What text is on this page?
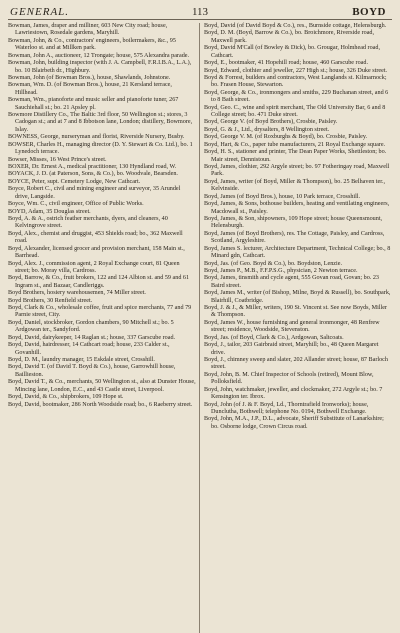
GENERAL.	113	BOYD
Bowman, James, draper and milliner, 603 New City road; house, Lawriestown, Rosedale gardens, Maryhill.
Bowman, John, & Co., contractors' engineers, boilermakers, &c., 95 Waterloo st. and at Millken park.
Bowman, John A., auctioneer, 12 Trongate; house, 575 Alexandra parade.
Bowman, John, building inspector (with J. A. Campbell, F.R.I.B.A., L.A.), bo. 10 Blairbeth dr., Highbury.
Bowman, John (of Bowman Bros.), house, Shawlands, Johnstone.
Bowman, Wm. D. (of Bowman Bros.), house, 21 Kersland terrace, Hillhead.
Bowman, Wm., pianoforte and music seller and pianoforte tuner, 267 Sauchiehall st.; bo. 21 Apsley pl.
Bowmore Distillery Co., The Baltic 3rd floor, 50 Wellington st.; stores, 3 Cadogan st.; and at 7 and 8 Ibbotson lane, London; distillery, Bowmore, Islay.
BOWNESS, George, nurseryman and florist, Riverside Nursery, Busby.
BOWSER, Charles H., managing director (D. Y. Stewart & Co. Ltd.), bo. 1 Lynedoch terrace.
Bowser, Misses, 16 West Prince's street.
BOXER, Dr. Ernest A., medical practitioner, 130 Hyndland road, W.
BOYACK, J. D. (at Paterson, Sons, & Co.), bo. Woodvale, Bearsden.
BOYCE, Peter, supt. Cemetery Lodge, New Cathcart.
Boyce, Robert C., civil and mining engineer and surveyor, 35 Arundel drive, Langside.
Boyce, Wm. C., civil engineer, Office of Public Works.
BOYD, Adam, 35 Douglas street.
Boyd, A. & A., ostrich feather merchants, dyers, and cleaners, 40 Kelvingrove street.
Boyd, Alex., chemist and druggist, 453 Shields road; bo., 362 Maxwell road.
Boyd, Alexander, licensed grocer and provision merchant, 158 Main st., Barrhead.
Boyd, Alex. J., commission agent, 2 Royal Exchange court, 81 Queen street; bo. Moray villa, Cardross.
Boyd, Barrow, & Co., fruit brokers, 122 and 124 Albion st. and 59 and 61 Ingram st., and Bazaar, Candleriggs.
Boyd Brothers, hosiery warehousemen, 74 Miller street.
Boyd Brothers, 30 Renfield street.
Boyd, Clark & Co., wholesale coffee, fruit and spice merchants, 77 and 79 Parnie street, City.
Boyd, Daniel, stockbroker, Gordon chambers, 90 Mitchell st.; bo. 5 Ardgowan ter., Sandyford.
Boyd, David, dairykeeper, 14 Raglan st.; house, 337 Garscube road.
Boyd, David, hairdresser, 14 Cathcart road; house, 233 Calder st., Govanhill.
Boyd, D. M., laundry manager, 15 Eskdale street, Crosshill.
Boyd, David T. (of David T. Boyd & Co.), house, Garrowhill house, Baillieston.
Boyd, David T., & Co., merchants, 50 Wellington st., also at Dunster House, Mincing lane, London, E.C., and 43 Castle street, Liverpool.
Boyd, David, & Co., shipbrokers, 109 Hope st.
Boyd, David, bootmaker, 286 North Woodside road; bo., 6 Raeberry street.
Boyd, David (of David Boyd & Co.), res., Burnside cottage, Helensburgh.
Boyd, D. M. (Boyd, Barrow & Co.), bo. Broichmore, Riverside road, Maxwell park.
Boyd, David M'Call (of Bowley & Dick), bo. Grougar, Holmhead road, Cathcart.
Boyd, E., bootmaker, 41 Hopehill road; house, 460 Garscube road.
Boyd, Edward, clothier and jeweller, 227 High st.; house, 326 Duke street.
Boyd & Forrest, builders and contractors, West Langlands st. Kilmarnock; bo. Frasen House, Stewarton.
Boyd, George, & Co., ironmongers and smiths, 229 Buchanan street, and 6 to 8 Bath street.
Boyd, Geo. C., wine and spirit merchant, The Old University Bar, 6 and 8 College street; bo. 471 Duke street.
Boyd, George V. (of Boyd Brothers), Crosbie, Paisley.
Boyd, G. & J., Ltd., drysalters, 8 Wellington street.
Boyd, George V. M. (of Roxburghs & Boyd), bo. Crosbie, Paisley.
Boyd, Hart, & Co., paper tube manufacturers, 21 Royal Exchange square.
Boyd, H. S., stationer and printer, The Dean Paper Works, Shettleston; bo. Mair street, Dennistoun.
Boyd, James, clothier, 292 Argyle street; bo. 97 Fotheringay road, Maxwell Park.
Boyd, James, writer (of Boyd, Miller & Thompson), bo. 25 Belhaven ter., Kelvinside.
Boyd, James (of Boyd Bros.), house, 10 Park terrace, Crosshill.
Boyd, James, & Sons, bothouse builders, heating and ventilating engineers, Macdowall st., Paisley.
Boyd, James, & Son, shipowners, 109 Hope street; house Queensmount, Helensburgh.
Boyd, James (of Boyd Brothers), res. The Cottage, Paisley, and Cardross, Scotland, Argyleshire.
Boyd, James S. lecturer, Architecture Department, Technical College; bo., 8 Minard gdn, Cathcart.
Boyd, Jas. (of Geo. Boyd & Co.), bo. Boydston, Lenzie.
Boyd, James P., M.B., F.F.P.S.G., physician, 2 Newton terrace.
Boyd, James, tinsmith and cycle agent, 555 Govan road, Govan; bo. 23 Baird street.
Boyd, James M., writer (of Bishop, Milne, Boyd & Russell), bo. Southpark, Blairhill, Coatbridge.
Boyd, J. & J., & Miller, writers, 190 St. Vincent st. See now Boyds, Miller & Thompson.
Boyd, James W., house furnishing and general ironmonger, 48 Renfrew street; residence, Woodside, Stevenston.
Boyd, Jas. (of Boyd, Clark & Co.), Ardgowan, Saltcoats.
Boyd, J., tailor, 203 Gairbraid street, Maryhill; bo., 48 Queen Margaret drive.
Boyd, J., chimney sweep and slater, 202 Allander street; house, 87 Barloch street.
Boyd, John, B. M. Chief Inspector of Schools (retired), Mount Blow, Polloksfield.
Boyd, John, watchmaker, jeweller, and clockmaker, 272 Argyle st.; bo. 7 Kensington ter. Ibrox.
Boyd, John (of J. & F. Boyd, Ld., Thorntrafield Ironworks); house, Dunclutha, Bothwell; telephone No. 0194, Bothwell Exchange.
Boyd, John, M.A., J.P., D.L., advocate, Sheriff Substitute of Lanarkshire; bo. Osborne lodge, Crown Circus road.
